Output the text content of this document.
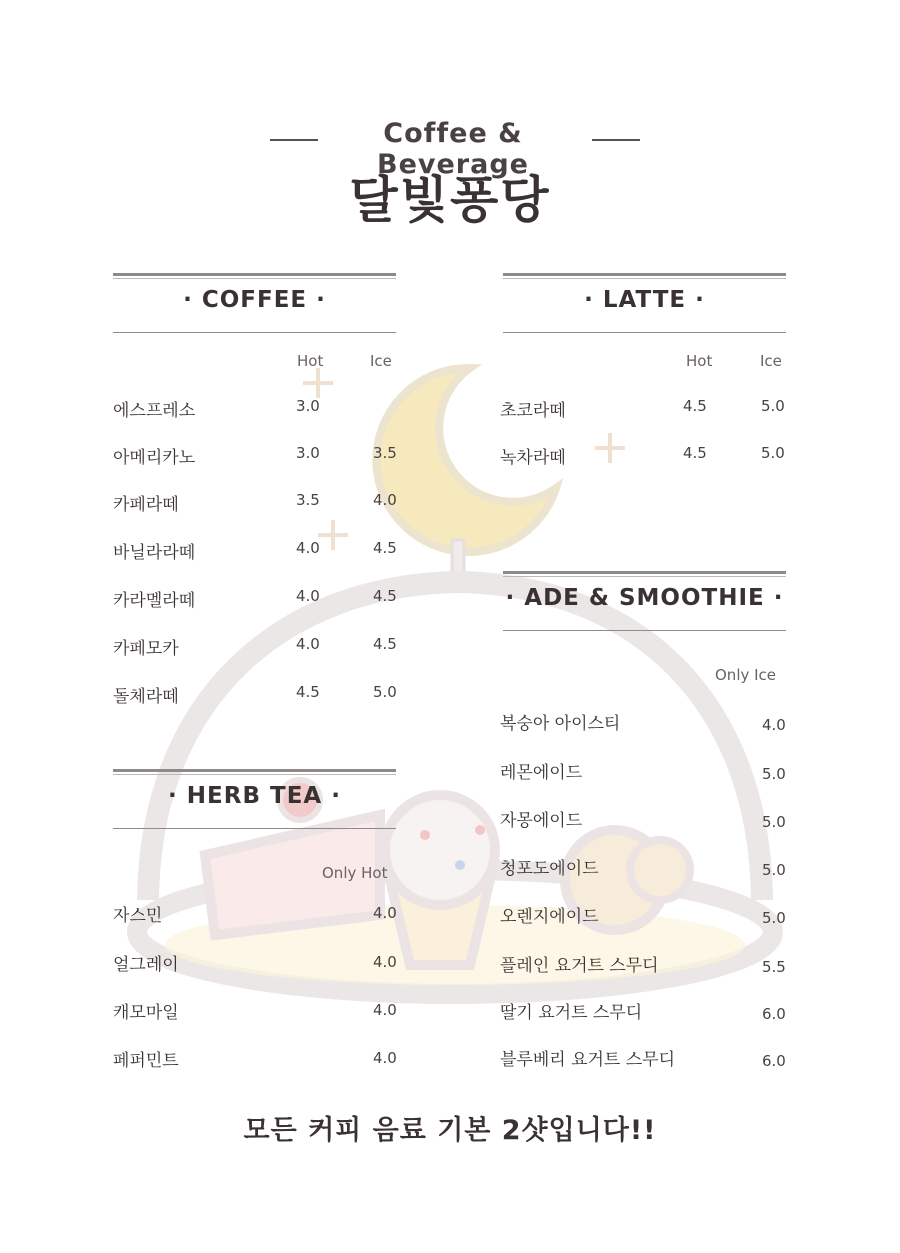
Coffee & Beverage
달빛퐁당
· COFFEE ·
Hot	Ice
에스프레소	3.0
아메리카노	3.0	3.5
카페라떼	3.5	4.0
바닐라라떼	4.0	4.5
카라멜라떼	4.0	4.5
카페모카	4.0	4.5
돌체라떼	4.5	5.0
· HERB TEA ·
Only Hot
자스민	4.0
얼그레이	4.0
캐모마일	4.0
페퍼민트	4.0
· LATTE ·
Hot	Ice
초코라떼	4.5	5.0
녹차라떼	4.5	5.0
· ADE & SMOOTHIE ·
Only Ice
복숭아 아이스티	4.0
레몬에이드	5.0
자몽에이드	5.0
청포도에이드	5.0
오렌지에이드	5.0
플레인 요거트 스무디	5.5
딸기 요거트 스무디	6.0
블루베리 요거트 스무디	6.0
모든 커피 음료 기본 2샷입니다!!
